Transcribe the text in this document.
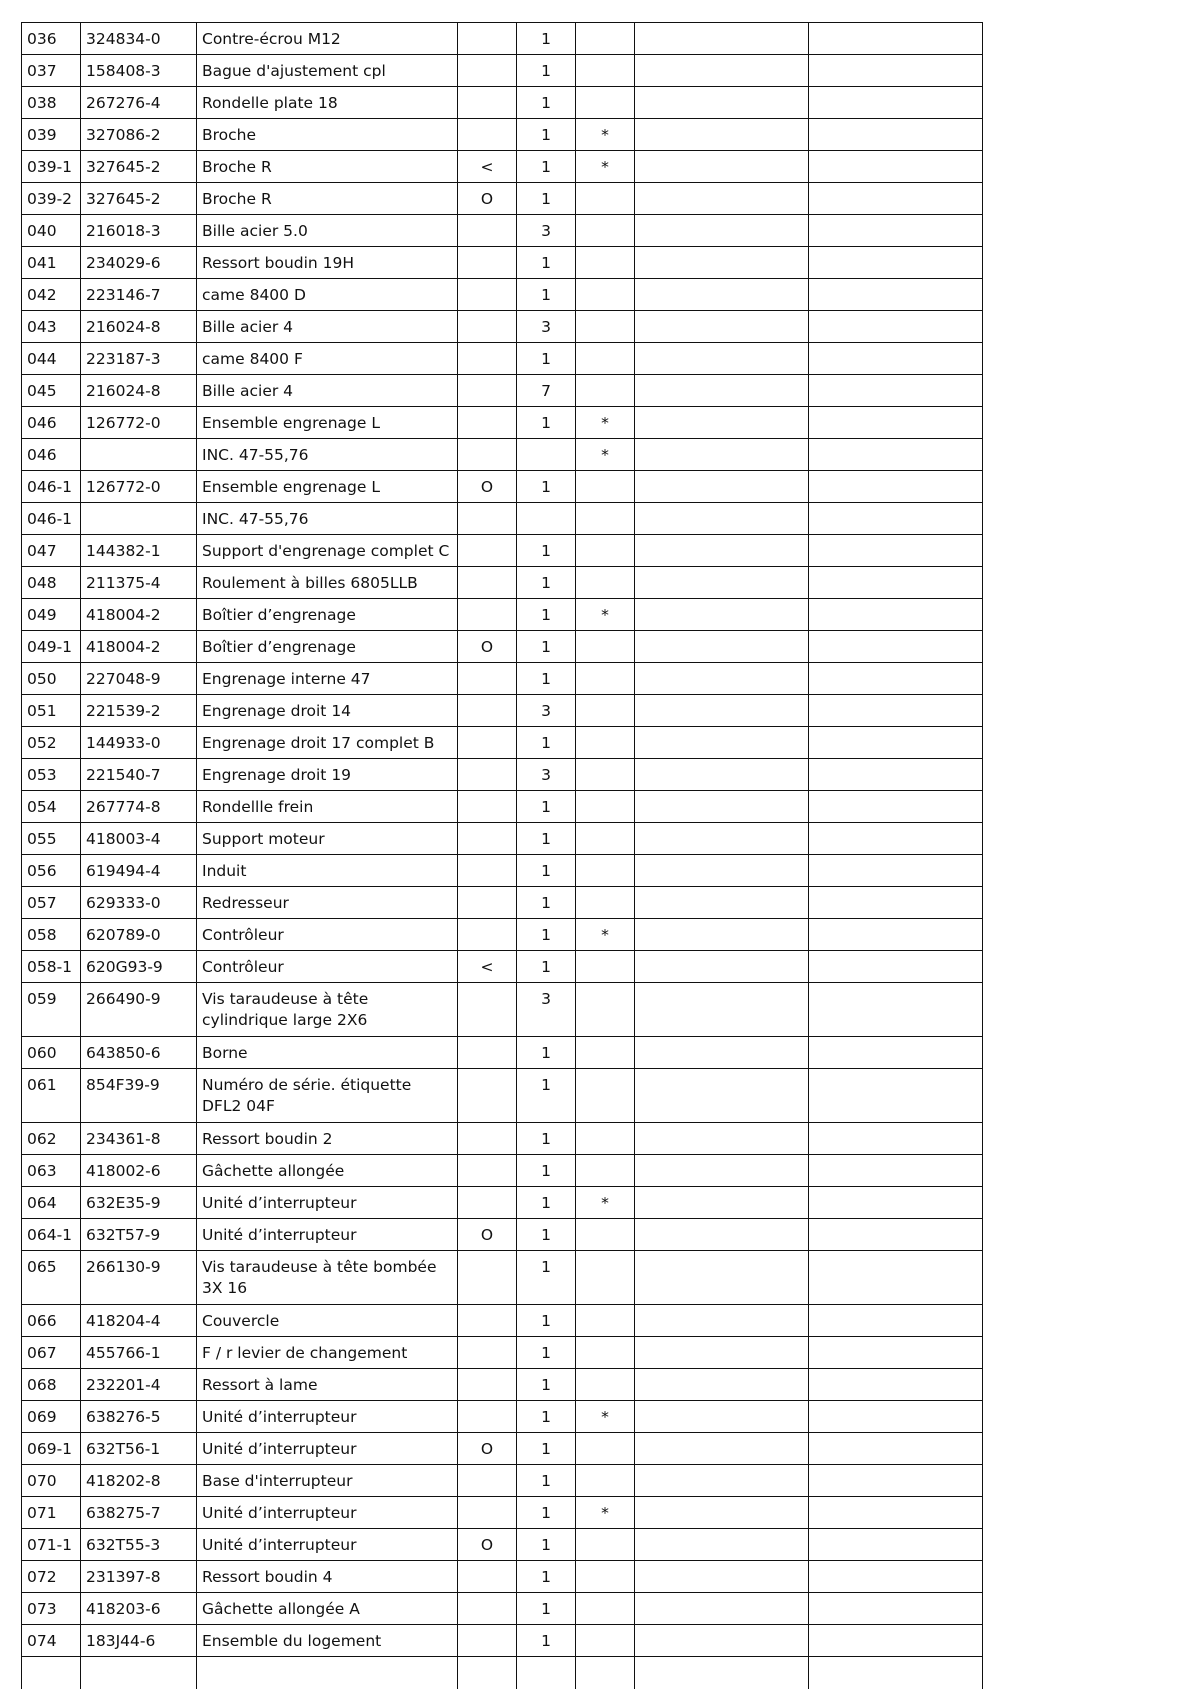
036	324834-0	Contre-écrou M12		1			
037	158408-3	Bague d'ajustement cpl		1			
038	267276-4	Rondelle plate 18		1			
039	327086-2	Broche		1	*		
039-1	327645-2	Broche R	<	1	*		
039-2	327645-2	Broche R	O	1			
040	216018-3	Bille acier 5.0		3			
041	234029-6	Ressort boudin 19H		1			
042	223146-7	came 8400 D		1			
043	216024-8	Bille acier 4		3			
044	223187-3	came 8400 F		1			
045	216024-8	Bille acier 4		7			
046	126772-0	Ensemble engrenage L		1	*		
046		INC. 47-55,76			*		
046-1	126772-0	Ensemble engrenage L	O	1			
046-1		INC. 47-55,76					
047	144382-1	Support d'engrenage complet C		1			
048	211375-4	Roulement à billes 6805LLB		1			
049	418004-2	Boîtier d’engrenage		1	*		
049-1	418004-2	Boîtier d’engrenage	O	1			
050	227048-9	Engrenage interne 47		1			
051	221539-2	Engrenage droit 14		3			
052	144933-0	Engrenage droit 17 complet B		1			
053	221540-7	Engrenage droit 19		3			
054	267774-8	Rondellle frein		1			
055	418003-4	Support moteur		1			
056	619494-4	Induit		1			
057	629333-0	Redresseur		1			
058	620789-0	Contrôleur		1	*		
058-1	620G93-9	Contrôleur	<	1			
059	266490-9	Vis taraudeuse à tête cylindrique large 2X6		3			
060	643850-6	Borne		1			
061	854F39-9	Numéro de série. étiquette DFL2 04F		1			
062	234361-8	Ressort boudin 2		1			
063	418002-6	Gâchette allongée		1			
064	632E35-9	Unité d’interrupteur		1	*		
064-1	632T57-9	Unité d’interrupteur	O	1			
065	266130-9	Vis taraudeuse à tête bombée 3X 16		1			
066	418204-4	Couvercle		1			
067	455766-1	F / r levier de changement		1			
068	232201-4	Ressort à lame		1			
069	638276-5	Unité d’interrupteur		1	*		
069-1	632T56-1	Unité d’interrupteur	O	1			
070	418202-8	Base d'interrupteur		1			
071	638275-7	Unité d’interrupteur		1	*		
071-1	632T55-3	Unité d’interrupteur	O	1			
072	231397-8	Ressort boudin 4		1			
073	418203-6	Gâchette allongée A		1			
074	183J44-6	Ensemble du logement		1			
